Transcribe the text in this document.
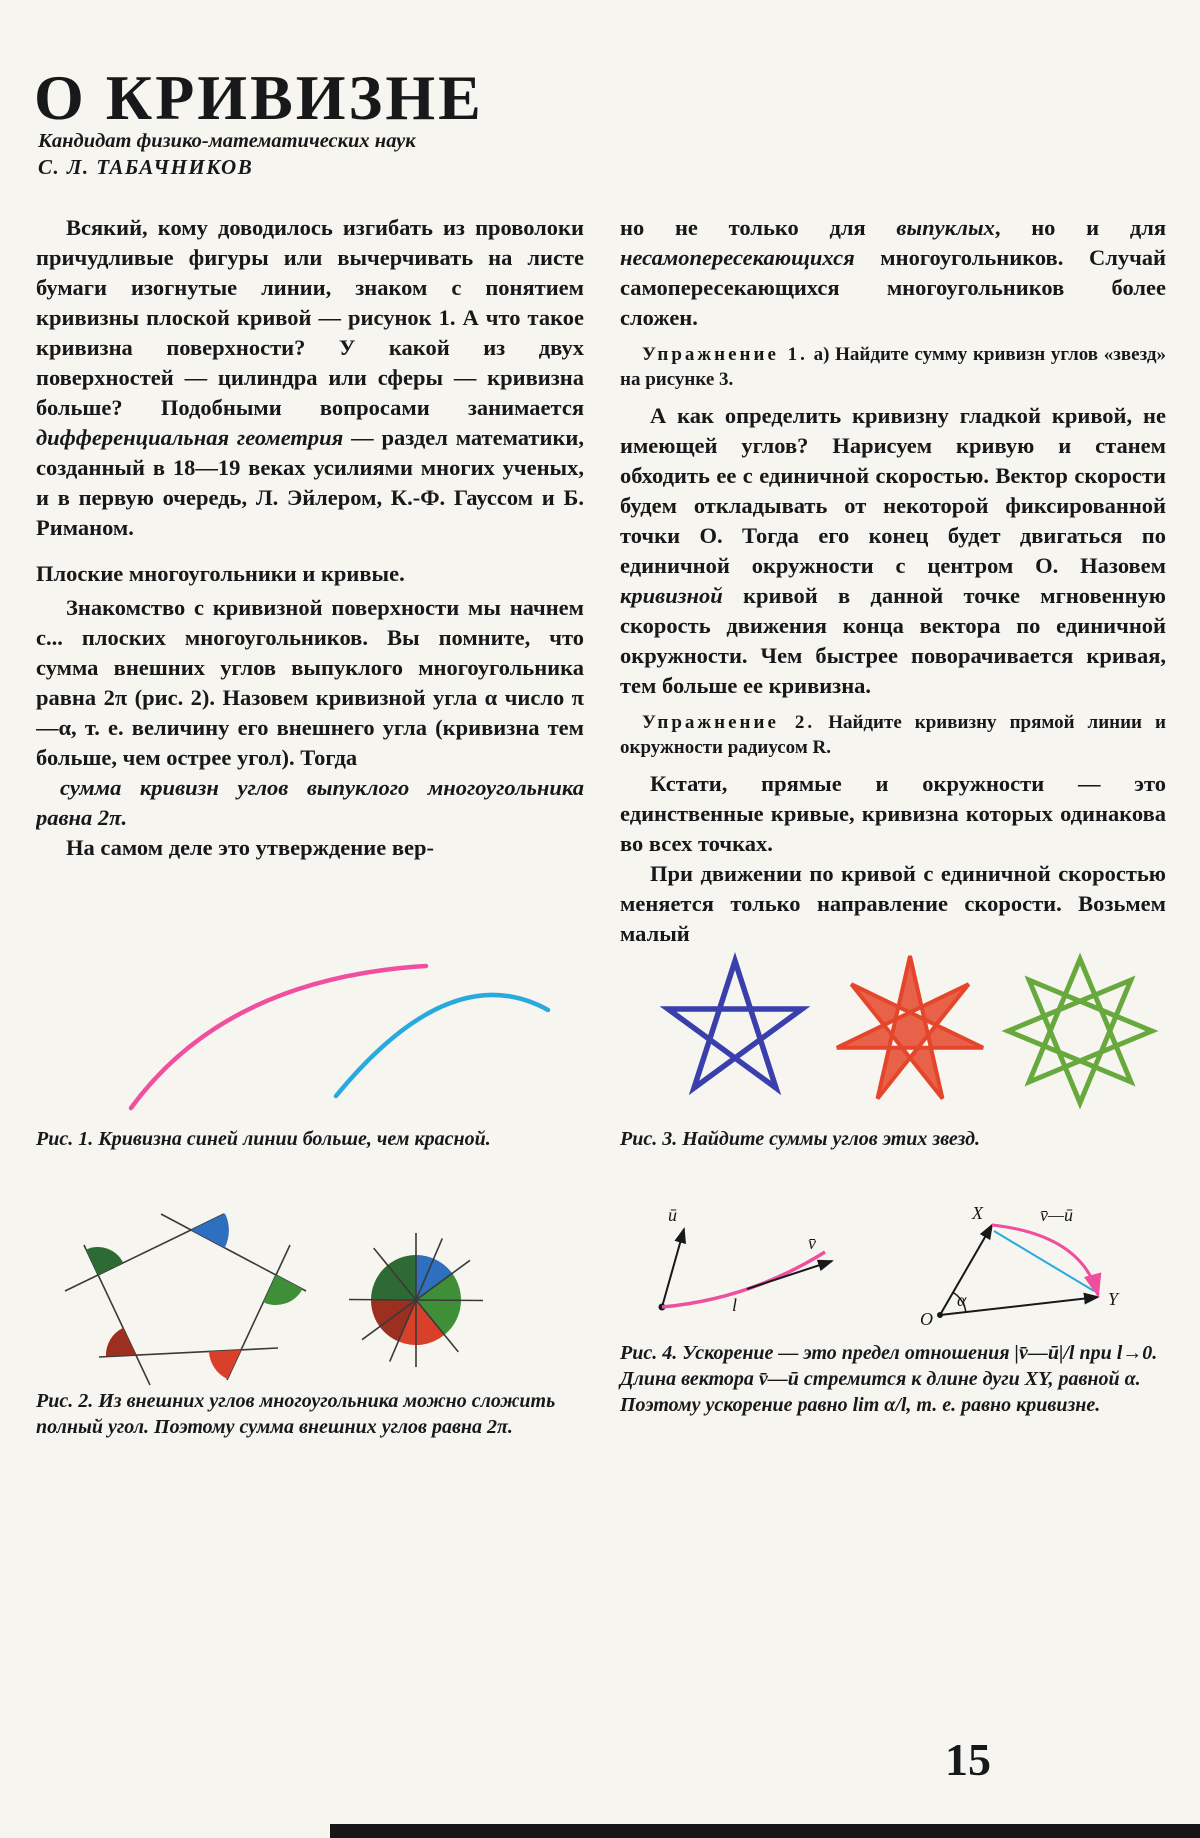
О КРИВИЗНЕ
Кандидат физико-математических наук
С. Л. ТАБАЧНИКОВ

Всякий, кому доводилось изгибать из проволоки причудливые фигуры или вычерчивать на листе бумаги изогнутые линии, знаком с понятием кривизны плоской кривой — рисунок 1. А что такое кривизна поверхности? У какой из двух поверхностей — цилиндра или сферы — кривизна больше? Подобными вопросами занимается дифференциальная геометрия — раздел математики, созданный в 18—19 веках усилиями многих ученых, и в первую очередь, Л. Эйлером, К.-Ф. Гауссом и Б. Риманом.

Плоские многоугольники и кривые.

Знакомство с кривизной поверхности мы начнем с... плоских многоугольников. Вы помните, что сумма внешних углов выпуклого многоугольника равна 2π (рис. 2). Назовем кривизной угла α число π—α, т. е. величину его внешнего угла (кривизна тем больше, чем острее угол). Тогда

сумма кривизн углов выпуклого многоугольника равна 2π.

На самом деле это утверждение вер-

но не только для выпуклых, но и для несамопересекающихся многоугольников. Случай самопересекающихся многоугольников более сложен.

Упражнение 1. а) Найдите сумму кривизн углов «звезд» на рисунке 3.

А как определить кривизну гладкой кривой, не имеющей углов? Нарисуем кривую и станем обходить ее с единичной скоростью. Вектор скорости будем откладывать от некоторой фиксированной точки О. Тогда его конец будет двигаться по единичной окружности с центром О. Назовем кривизной кривой в данной точке мгновенную скорость движения конца вектора по единичной окружности. Чем быстрее поворачивается кривая, тем больше ее кривизна.

Упражнение 2. Найдите кривизну прямой линии и окружности радиусом R.

Кстати, прямые и окружности — это единственные кривые, кривизна которых одинакова во всех точках.

При движении по кривой с единичной скоростью меняется только направление скорости. Возьмем малый

Рис. 1. Кривизна синей линии больше, чем красной.	Рис. 3. Найдите суммы углов этих звезд.
Рис. 2. Из внешних углов многоугольника можно сложить полный угол. Поэтому сумма внешних углов равна 2π.
ū
v̄
l
X
Y
O
α
v̄—ū
Рис. 4. Ускорение — это предел отношения |v̄—ū|/l при l→0. Длина вектора v̄—ū стремится к длине дуги XY, равной α. Поэтому ускорение равно lim α/l, т. е. равно кривизне.
15
